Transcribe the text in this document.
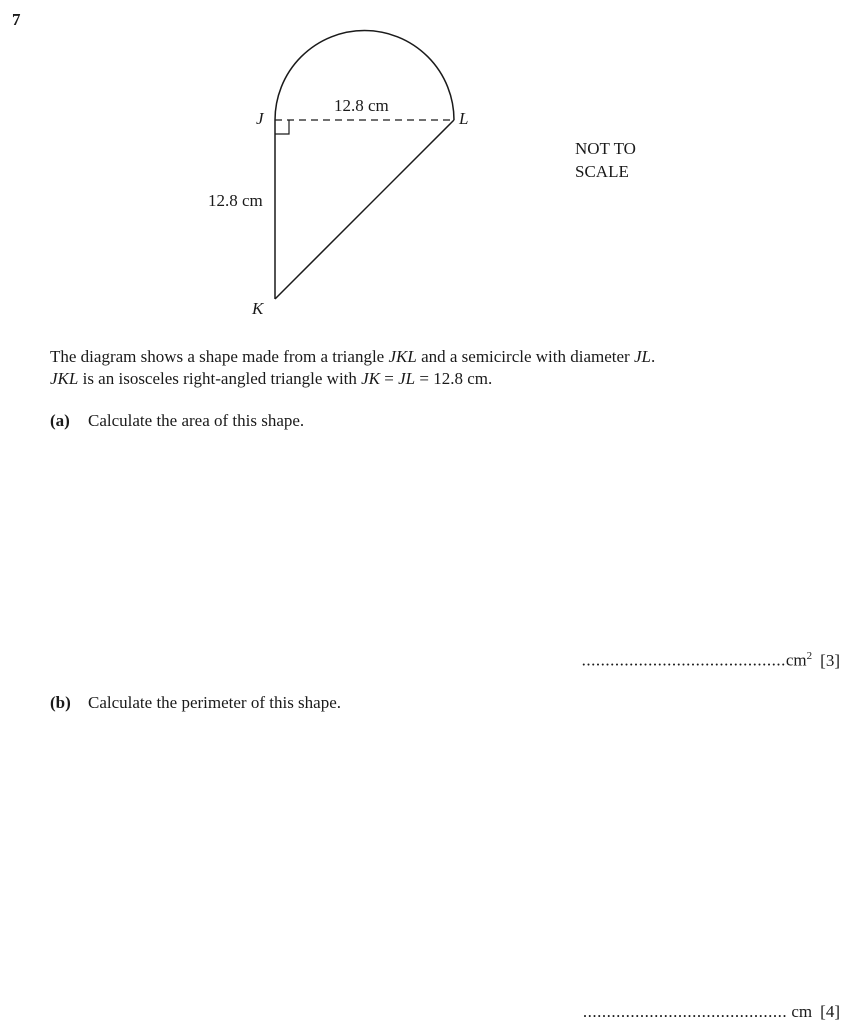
7
J	L
K
12.8 cm
12.8 cm
NOT TO
SCALE
The diagram shows a shape made from a triangle JKL and a semicircle with diameter JL.
JKL is an isosceles right-angled triangle with JK = JL = 12.8 cm.
(a) Calculate the area of this shape.
$...........................................cm^2$ [3]
(b) Calculate the perimeter of this shape.
........................................... cm [4]
